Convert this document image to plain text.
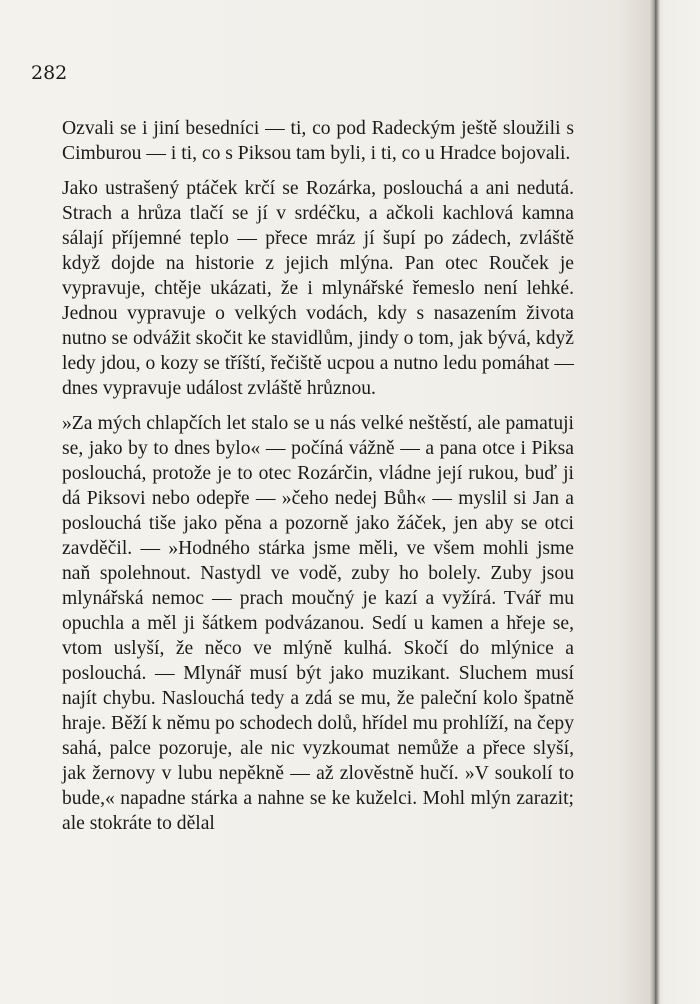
282

Ozvali se i jiní besedníci — ti, co pod Radeckým ještě sloužili s Cimburou — i ti, co s Piksou tam byli, i ti, co u Hradce bojovali.

Jako ustrašený ptáček krčí se Rozárka, poslouchá a ani nedutá. Strach a hrůza tlačí se jí v srdéčku, a ačkoli kachlová kamna sálají příjemné teplo — přece mráz jí šupí po zádech, zvláště když dojde na historie z jejich mlýna. Pan otec Rouček je vypravuje, chtěje ukázati, že i mlynářské řemeslo není lehké. Jednou vypravuje o velkých vodách, kdy s nasazením života nutno se odvážit skočit ke stavidlům, jindy o tom, jak bývá, když ledy jdou, o kozy se tříští, řečiště ucpou a nutno ledu pomáhat — dnes vypravuje událost zvláště hrůznou.

»Za mých chlapčích let stalo se u nás velké neštěstí, ale pamatuji se, jako by to dnes bylo« — počíná vážně — a pana otce i Piksa poslouchá, protože je to otec Rozárčin, vládne její rukou, buď ji dá Piksovi nebo odepře — »čeho nedej Bůh« — myslil si Jan a poslouchá tiše jako pěna a pozorně jako žáček, jen aby se otci zavděčil. — »Hodného stárka jsme měli, ve všem mohli jsme naň spolehnout. Nastydl ve vodě, zuby ho bolely. Zuby jsou mlynářská nemoc — prach moučný je kazí a vyžírá. Tvář mu opuchla a měl ji šátkem podvázanou. Sedí u kamen a hřeje se, vtom uslyší, že něco ve mlýně kulhá. Skočí do mlýnice a poslouchá. — Mlynář musí být jako muzikant. Sluchem musí najít chybu. Naslouchá tedy a zdá se mu, že paleční kolo špatně hraje. Běží k němu po schodech dolů, hřídel mu prohlíží, na čepy sahá, palce pozoruje, ale nic vyzkoumat nemůže a přece slyší, jak žernovy v lubu nepěkně — až zlověstně hučí. »V soukolí to bude,« napadne stárka a nahne se ke kuželci. Mohl mlýn zarazit; ale stokráte to dělal
